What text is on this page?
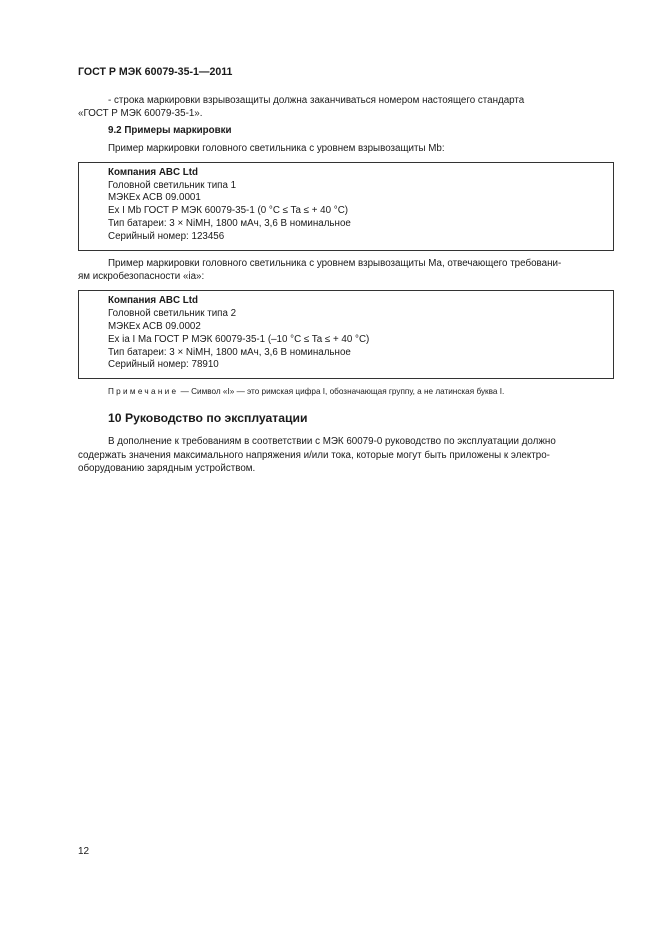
ГОСТ Р МЭК 60079-35-1—2011

- строка маркировки взрывозащиты должна заканчиваться номером настоящего стандарта
«ГОСТ Р МЭК 60079-35-1».

9.2 Примеры маркировки
Пример маркировки головного светильника с уровнем взрывозащиты Mb:
Компания ABC Ltd
Головной светильник типа 1
МЭКEx ACB 09.0001
Ex I Mb ГОСТ Р МЭК 60079-35-1 (0 °C ≤ Ta ≤ + 40 °C)
Тип батареи: 3 × NiMH, 1800 мАч, 3,6 В номинальное
Серийный номер: 123456

Пример маркировки головного светильника с уровнем взрывозащиты Ма, отвечающего требовани-
ям искробезопасности «ia»:

Компания ABC Ltd
Головной светильник типа 2
МЭКEx ACB 09.0002
Ex ia I Ma ГОСТ Р МЭК 60079-35-1 (–10 °C ≤ Ta ≤ + 40 °C)
Тип батареи: 3 × NiMH, 1800 мАч, 3,6 В номинальное
Серийный номер: 78910
Примечание — Символ «I» — это римская цифра I, обозначающая группу, а не латинская буква I.
10 Руководство по эксплуатации

В дополнение к требованиям в соответствии с МЭК 60079-0 руководство по эксплуатации должно
содержать значения максимального напряжения и/или тока, которые могут быть приложены к электро-
оборудованию зарядным устройством.

12
